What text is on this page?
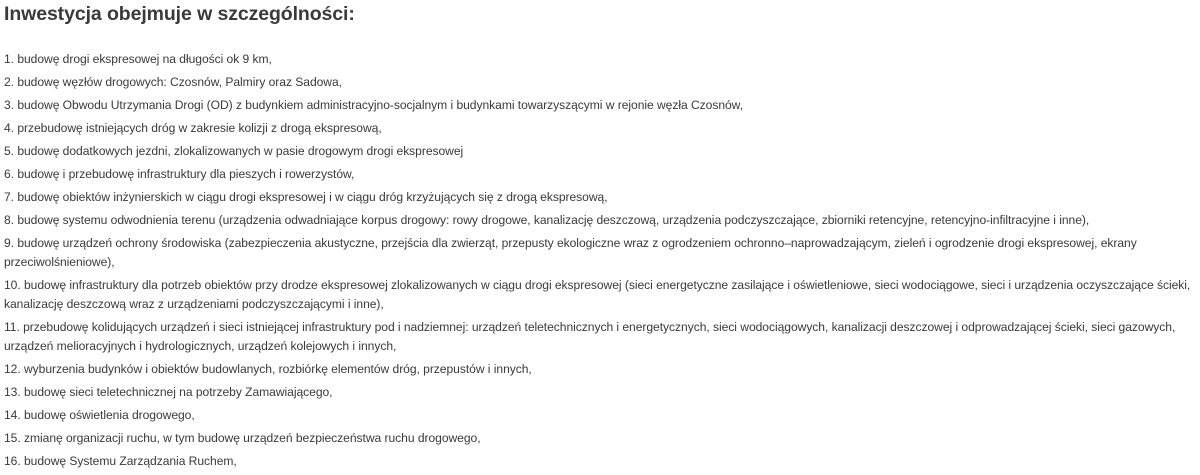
Inwestycja obejmuje w szczególności:
1. budowę drogi ekspresowej na długości ok 9 km,
2. budowę węzłów drogowych: Czosnów, Palmiry oraz Sadowa,
3. budowę Obwodu Utrzymania Drogi (OD) z budynkiem administracyjno-socjalnym i budynkami towarzyszącymi w rejonie węzła Czosnów,
4. przebudowę istniejących dróg w zakresie kolizji z drogą ekspresową,
5. budowę dodatkowych jezdni, zlokalizowanych w pasie drogowym drogi ekspresowej
6. budowę i przebudowę infrastruktury dla pieszych i rowerzystów,
7. budowę obiektów inżynierskich w ciągu drogi ekspresowej i w ciągu dróg krzyżujących się z drogą ekspresową,
8. budowę systemu odwodnienia terenu (urządzenia odwadniające korpus drogowy: rowy drogowe, kanalizację deszczową, urządzenia podczyszczające, zbiorniki retencyjne, retencyjno-infiltracyjne i inne),
9. budowę urządzeń ochrony środowiska (zabezpieczenia akustyczne, przejścia dla zwierząt, przepusty ekologiczne wraz z ogrodzeniem ochronno–naprowadzającym, zieleń i ogrodzenie drogi ekspresowej, ekrany przeciwolśnieniowe),
10. budowę infrastruktury dla potrzeb obiektów przy drodze ekspresowej zlokalizowanych w ciągu drogi ekspresowej (sieci energetyczne zasilające i oświetleniowe, sieci wodociągowe, sieci i urządzenia oczyszczające ścieki, kanalizację deszczową wraz z urządzeniami podczyszczającymi i inne),
11. przebudowę kolidujących urządzeń i sieci istniejącej infrastruktury pod i nadziemnej: urządzeń teletechnicznych i energetycznych, sieci wodociągowych, kanalizacji deszczowej i odprowadzającej ścieki, sieci gazowych, urządzeń melioracyjnych i hydrologicznych, urządzeń kolejowych i innych,
12. wyburzenia budynków i obiektów budowlanych, rozbiórkę elementów dróg, przepustów i innych,
13. budowę sieci teletechnicznej na potrzeby Zamawiającego,
14. budowę oświetlenia drogowego,
15. zmianę organizacji ruchu, w tym budowę urządzeń bezpieczeństwa ruchu drogowego,
16. budowę Systemu Zarządzania Ruchem,
